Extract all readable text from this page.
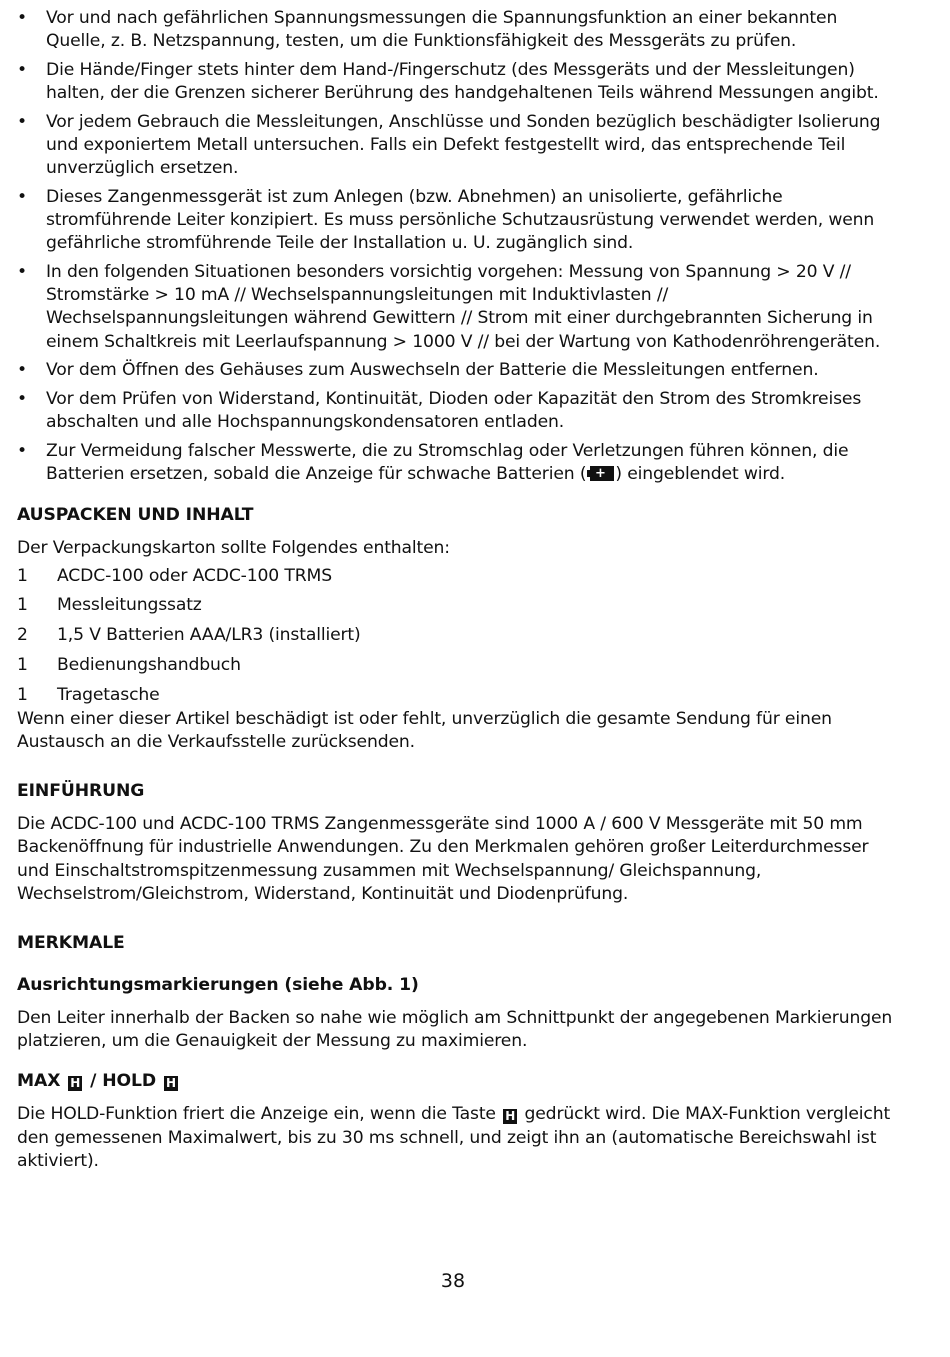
• Vor und nach gefährlichen Spannungsmessungen die Spannungsfunktion an einer bekannten Quelle, z. B. Netzspannung, testen, um die Funktionsfähigkeit des Messgeräts zu prüfen.
• Die Hände/Finger stets hinter dem Hand-/Fingerschutz (des Messgeräts und der Messleitungen) halten, der die Grenzen sicherer Berührung des handgehaltenen Teils während Messungen angibt.
• Vor jedem Gebrauch die Messleitungen, Anschlüsse und Sonden bezüglich beschädigter Isolierung und exponiertem Metall untersuchen. Falls ein Defekt festgestellt wird, das entsprechende Teil unverzüglich ersetzen.
• Dieses Zangenmessgerät ist zum Anlegen (bzw. Abnehmen) an unisolierte, gefährliche stromführende Leiter konzipiert. Es muss persönliche Schutzausrüstung verwendet werden, wenn gefährliche stromführende Teile der Installation u. U. zugänglich sind.
• In den folgenden Situationen besonders vorsichtig vorgehen: Messung von Spannung > 20 V // Stromstärke > 10 mA // Wechselspannungsleitungen mit Induktivlasten // Wechselspannungsleitungen während Gewittern // Strom mit einer durchgebrannten Sicherung in einem Schaltkreis mit Leerlaufspannung > 1000 V // bei der Wartung von Kathodenröhrengeräten.
• Vor dem Öffnen des Gehäuses zum Auswechseln der Batterie die Messleitungen entfernen.
• Vor dem Prüfen von Widerstand, Kontinuität, Dioden oder Kapazität den Strom des Stromkreises abschalten und alle Hochspannungskondensatoren entladen.
• Zur Vermeidung falscher Messwerte, die zu Stromschlag oder Verletzungen führen können, die Batterien ersetzen, sobald die Anzeige für schwache Batterien ( + ) eingeblendet wird.
AUSPACKEN UND INHALT

Der Verpackungskarton sollte Folgendes enthalten:

1	ACDC-100 oder ACDC-100 TRMS
1	Messleitungssatz
2	1,5 V Batterien AAA/LR3 (installiert)
1	Bedienungshandbuch
1	Tragetasche

Wenn einer dieser Artikel beschädigt ist oder fehlt, unverzüglich die gesamte Sendung für einen Austausch an die Verkaufsstelle zurücksenden.

EINFÜHRUNG

Die ACDC-100 und ACDC-100 TRMS Zangenmessgeräte sind 1000 A / 600 V Messgeräte mit 50 mm Backenöffnung für industrielle Anwendungen. Zu den Merkmalen gehören großer Leiterdurchmesser und Einschaltstromspitzenmessung zusammen mit Wechselspannung/ Gleichspannung, Wechselstrom/Gleichstrom, Widerstand, Kontinuität und Diodenprüfung.

MERKMALE
Ausrichtungsmarkierungen (siehe Abb. 1)

Den Leiter innerhalb der Backen so nahe wie möglich am Schnittpunkt der angegebenen Markierungen platzieren, um die Genauigkeit der Messung zu maximieren.

MAX H / HOLD H

Die HOLD-Funktion friert die Anzeige ein, wenn die Taste H gedrückt wird. Die MAX-Funktion vergleicht den gemessenen Maximalwert, bis zu 30 ms schnell, und zeigt ihn an (automatische Bereichswahl ist aktiviert).

38
